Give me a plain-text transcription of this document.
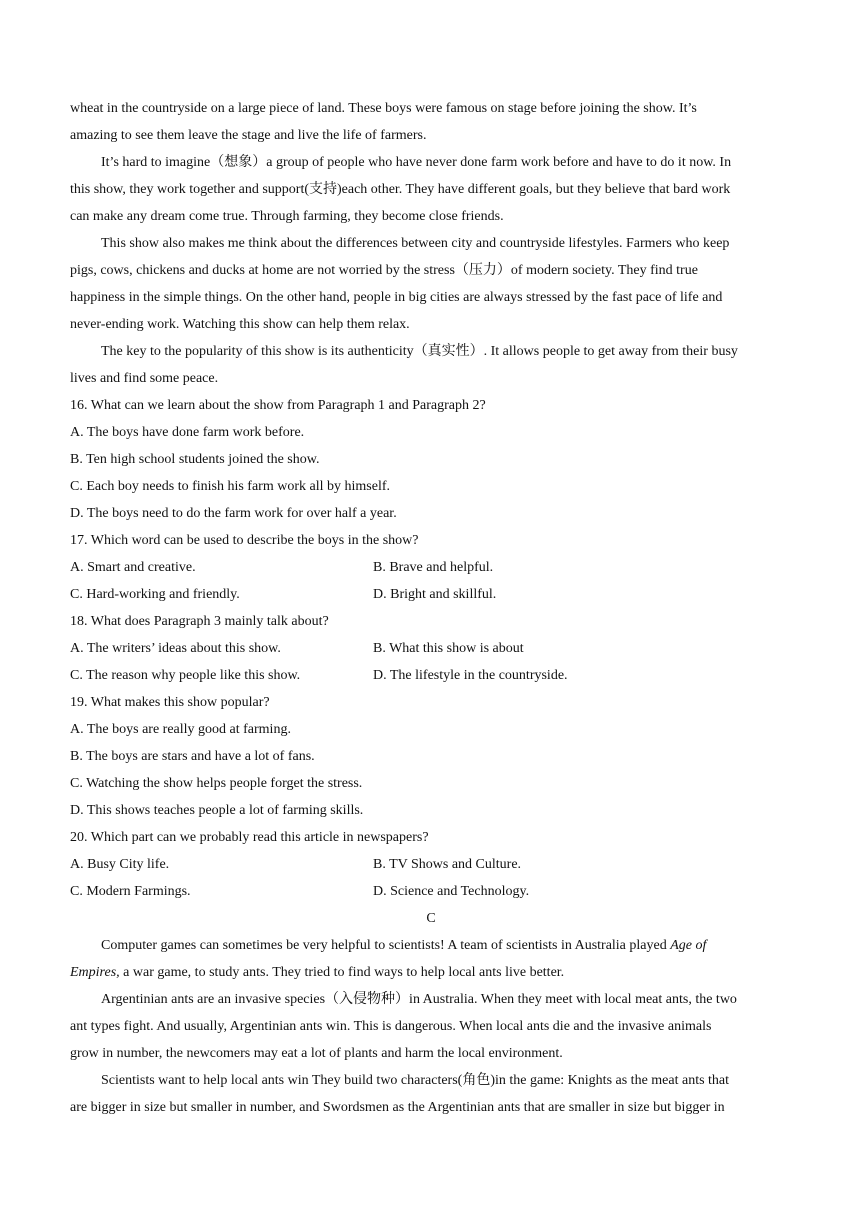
wheat in the countryside on a large piece of land. These boys were famous on stage before joining the show. It’s
amazing to see them leave the stage and live the life of farmers.
It’s hard to imagine（想象）a group of people who have never done farm work before and have to do it now. In
this show, they work together and support(支持)each other. They have different goals, but they believe that bard work
can make any dream come true. Through farming, they become close friends.
This show also makes me think about the differences between city and countryside lifestyles. Farmers who keep
pigs, cows, chickens and ducks at home are not worried by the stress（压力）of modern society. They find true
happiness in the simple things. On the other hand, people in big cities are always stressed by the fast pace of life and
never-ending work. Watching this show can help them relax.
The key to the popularity of this show is its authenticity（真实性）. It allows people to get away from their busy
lives and find some peace.
16. What can we learn about the show from Paragraph 1 and Paragraph 2?
A. The boys have done farm work before.
B. Ten high school students joined the show.
C. Each boy needs to finish his farm work all by himself.
D. The boys need to do the farm work for over half a year.
17. Which word can be used to describe the boys in the show?
A. Smart and creative.	B. Brave and helpful.
C. Hard-working and friendly.	D. Bright and skillful.
18. What does Paragraph 3 mainly talk about?
A. The writers’ ideas about this show.	B. What this show is about
C. The reason why people like this show.	D. The lifestyle in the countryside.
19. What makes this show popular?
A. The boys are really good at farming.
B. The boys are stars and have a lot of fans.
C. Watching the show helps people forget the stress.
D. This shows teaches people a lot of farming skills.
20. Which part can we probably read this article in newspapers?
A. Busy City life.	B. TV Shows and Culture.
C. Modern Farmings.	D. Science and Technology.
C
Computer games can sometimes be very helpful to scientists! A team of scientists in Australia played Age of
Empires, a war game, to study ants. They tried to find ways to help local ants live better.
Argentinian ants are an invasive species（入侵物种）in Australia. When they meet with local meat ants, the two
ant types fight. And usually, Argentinian ants win. This is dangerous. When local ants die and the invasive animals
grow in number, the newcomers may eat a lot of plants and harm the local environment.
Scientists want to help local ants win They build two characters(角色)in the game: Knights as the meat ants that
are bigger in size but smaller in number, and Swordsmen as the Argentinian ants that are smaller in size but bigger in
